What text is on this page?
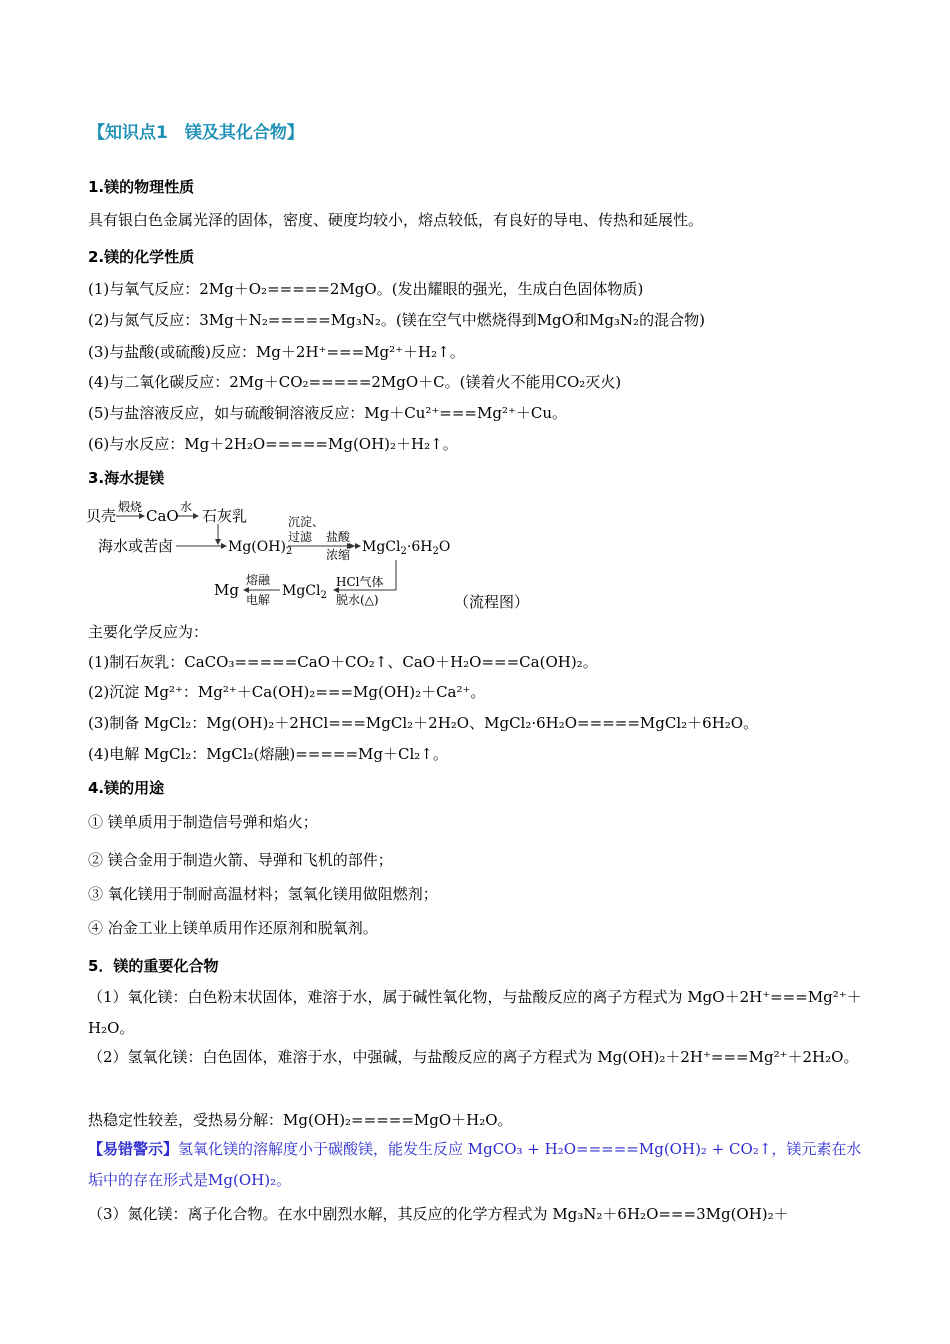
【知识点1　镁及其化合物】
1.镁的物理性质
具有银白色金属光泽的固体，密度、硬度均较小，熔点较低，有良好的导电、传热和延展性。
2.镁的化学性质
(1)与氧气反应：2Mg＋O₂=====2MgO。(发出耀眼的强光，生成白色固体物质)
(2)与氮气反应：3Mg＋N₂=====Mg₃N₂。(镁在空气中燃烧得到MgO和Mg₃N₂的混合物)
(3)与盐酸(或硫酸)反应：Mg＋2H⁺===Mg²⁺＋H₂↑。
(4)与二氧化碳反应：2Mg＋CO₂=====2MgO＋C。(镁着火不能用CO₂灭火)
(5)与盐溶液反应，如与硫酸铜溶液反应：Mg＋Cu²⁺===Mg²⁺＋Cu。
(6)与水反应：Mg＋2H₂O=====Mg(OH)₂＋H₂↑。
3.海水提镁
贝壳 煅烧 CaO 水 石灰乳
海水或苦卤	$Mg(OH)_2$
沉淀、
过滤 盐酸
浓缩 $MgCl_2\cdot 6H_2O$
HCl气体
脱水(△)
MgCl$_2$
熔融
电解
Mg
（流程图）
主要化学反应为：
(1)制石灰乳：CaCO₃=====CaO＋CO₂↑、CaO＋H₂O===Ca(OH)₂。
(2)沉淀 Mg²⁺：Mg²⁺＋Ca(OH)₂===Mg(OH)₂＋Ca²⁺。
(3)制备 MgCl₂：Mg(OH)₂＋2HCl===MgCl₂＋2H₂O、MgCl₂·6H₂O=====MgCl₂＋6H₂O。
(4)电解 MgCl₂：MgCl₂(熔融)=====Mg＋Cl₂↑。
4.镁的用途
① 镁单质用于制造信号弹和焰火；
② 镁合金用于制造火箭、导弹和飞机的部件；
③ 氧化镁用于制耐高温材料；氢氧化镁用做阻燃剂；
④ 冶金工业上镁单质用作还原剂和脱氧剂。
5．镁的重要化合物
（1）氧化镁：白色粉末状固体，难溶于水，属于碱性氧化物，与盐酸反应的离子方程式为 MgO＋2H⁺===Mg²⁺＋H₂O。
（2）氢氧化镁：白色固体，难溶于水，中强碱，与盐酸反应的离子方程式为 Mg(OH)₂＋2H⁺===Mg²⁺＋2H₂O。
热稳定性较差，受热易分解：Mg(OH)₂=====MgO＋H₂O。
【易错警示】氢氧化镁的溶解度小于碳酸镁，能发生反应 MgCO₃ + H₂O=====Mg(OH)₂ + CO₂↑，镁元素在水垢中的存在形式是Mg(OH)₂。
（3）氮化镁：离子化合物。在水中剧烈水解，其反应的化学方程式为 Mg₃N₂＋6H₂O===3Mg(OH)₂＋
